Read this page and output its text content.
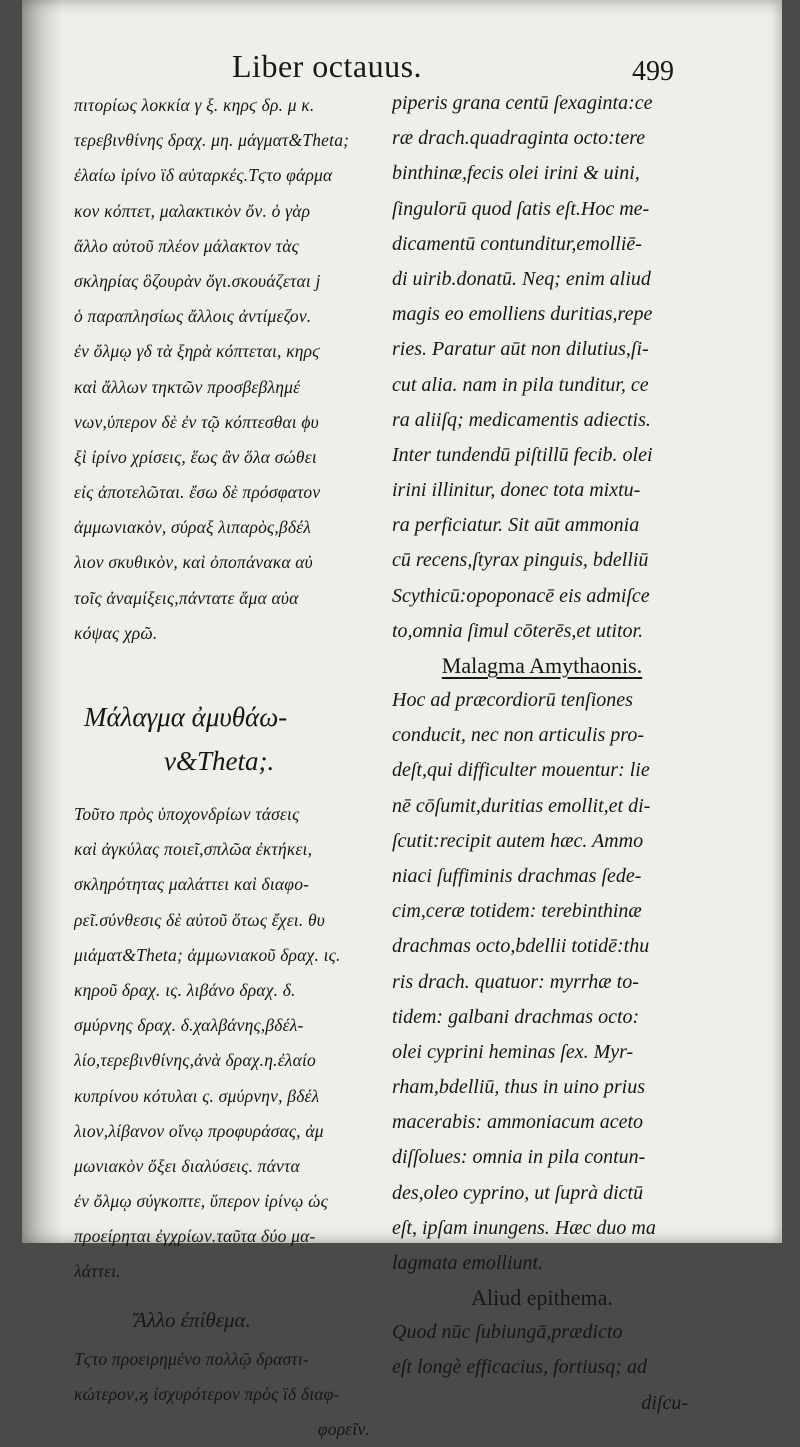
Liber octauus.	499
πιτορίως λοκκία γ ξ. κηρϛ δρ. μ κ.
τερεβινθίνης δραχ. μη. μάγματ&Theta;
ἐλαίω ἰρίνο ϊδ αὐταρκές.Τϛτο φάρμα
κον κόπτετ, μαλακτικὸν ὄν. ὁ γὰρ
ἄλλο αὐτοῦ πλέον μάλακτον τὰς
σκληρίας ὃζουρὰν ὄγι.σκουάζεται ϳ
ὁ παραπλησίως ἄλλοις ἀντίμεζον.
ἐν ὄλμῳ γδ τὰ ξηρὰ κόπτεται, κηρϛ
καὶ ἄλλων τηκτῶν προσβεβλημέ
νων,ὑπερον δὲ ἐν τῷ κόπτεσθαι ϕυ
ξὶ ἰρίνο χρίσεις, ἕως ἂν ὅλα σώθει
εἰς ἀποτελῶται. ἔσω δὲ πρόσφατον
ἀμμωνιακὸν, σύραξ λιπαρὸς,βδέλ
λιον σκυθικὸν, καὶ ὀποπάνακα αὐ
τοῖς ἀναμίξεις,πάντατε ἅμα αὐα
κόψας χρῶ.
Μάλαγμα ἀμυθάω-
ν&Theta;.
Τοῦτο πρὸς ὑποχονδρίων τάσεις
καὶ ἀγκύλας ποιεῖ,σπλῶα ἐκτήκει,
σκληρότητας μαλάττει καὶ διαφο-
ρεῖ.σύνθεσις δὲ αὐτοῦ ὅτως ἔχει. θυ
μιάματ&Theta; ἀμμωνιακοῦ δραχ. ις.
κηροῦ δραχ. ις. λιβάνο δραχ. δ.
σμύρνης δραχ. δ.χαλβάνης,βδέλ-
λίο,τερεβινθίνης,ἀνὰ δραχ.η.ἐλαίο
κυπρίνου κότυλαι ς. σμύρνην, βδέλ
λιον,λίβανον οἴνῳ προφυράσας, ἀμ
μωνιακὸν ὄξει διαλύσεις. πάντα
ἐν ὄλμῳ σύγκοπτε, ὕπερον ἰρίνῳ ὡς
προείρηται ἐγχρίων.ταῦτα δύο μα-
λάττει.
Ἄλλο ἐπίθεμα.
Τϛτο προειρημένο πολλῷ δραστι-
κώτερον,ϗ ἰσχυρότερον πρὸς ϊδ διαφ-
φορεῖν.
piperis grana centū ſexaginta:ce
ræ drach.quadraginta octo:tere
binthinæ,fecis olei irini & uini,
ſingulorū quod ſatis eſt.Hoc me-
dicamentū contunditur,emolliē-
di uirib.donatū. Neq; enim aliud
magis eo emolliens duritias,repe
ries. Paratur aūt non dilutius,ſi-
cut alia. nam in pila tunditur, ce
ra aliiſq; medicamentis adiectis.
Inter tundendū piſtillū fecib. olei
irini illinitur, donec tota mixtu-
ra perficiatur. Sit aūt ammonia
cū recens,ſtyrax pinguis, bdelliū
Scythicū:opoponacē eis admiſce
to,omnia ſimul cōterēs,et utitor.
Malagma Amythaonis.
Hoc ad præcordiorū tenſiones
conducit, nec non articulis pro-
deſt,qui difficulter mouentur: lie
nē cōſumit,duritias emollit,et di-
ſcutit:recipit autem hæc. Ammo
niaci ſuffiminis drachmas ſede-
cim,ceræ totidem: terebinthinæ
drachmas octo,bdellii totidē:thu
ris drach. quatuor: myrrhæ to-
tidem: galbani drachmas octo:
olei cyprini heminas ſex. Myr-
rham,bdelliū, thus in uino prius
macerabis: ammoniacum aceto
diſſolues: omnia in pila contun-
des,oleo cyprino, ut ſuprà dictū
eſt, ipſam inungens. Hæc duo ma
lagmata emolliunt.
Aliud epithema.
Quod nūc ſubiungā,prædicto
eſt longè efficacius, fortiusq; ad
diſcu-
